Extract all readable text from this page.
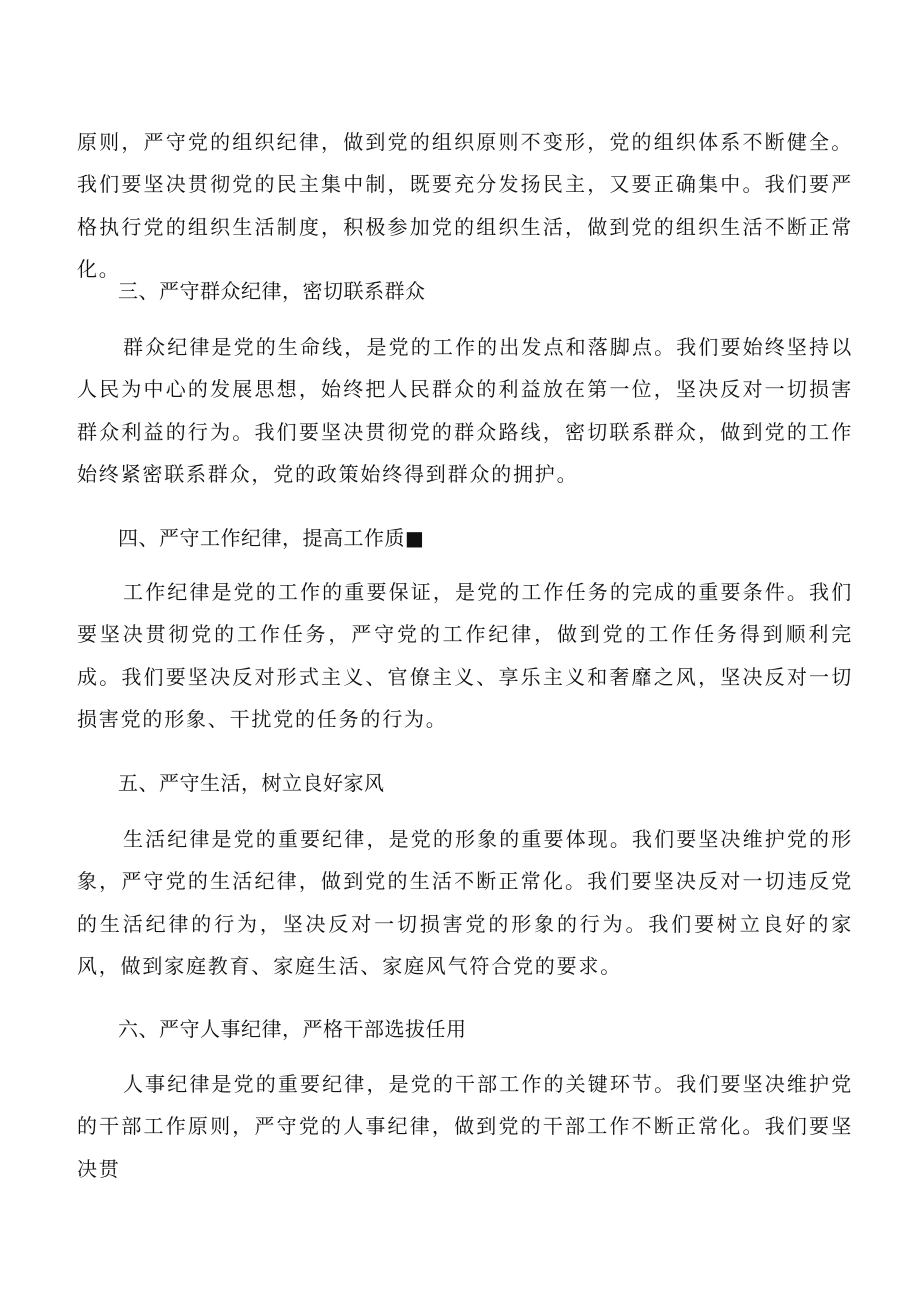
原则，严守党的组织纪律，做到党的组织原则不变形，党的组织体系不断健全。我们要坚决贯彻党的民主集中制，既要充分发扬民主，又要正确集中。我们要严格执行党的组织生活制度，积极参加党的组织生活，做到党的组织生活不断正常化。

三、严守群众纪律，密切联系群众

群众纪律是党的生命线，是党的工作的出发点和落脚点。我们要始终坚持以人民为中心的发展思想，始终把人民群众的利益放在第一位，坚决反对一切损害群众利益的行为。我们要坚决贯彻党的群众路线，密切联系群众，做到党的工作始终紧密联系群众，党的政策始终得到群众的拥护。

四、严守工作纪律，提高工作质■

工作纪律是党的工作的重要保证，是党的工作任务的完成的重要条件。我们要坚决贯彻党的工作任务，严守党的工作纪律，做到党的工作任务得到顺利完成。我们要坚决反对形式主义、官僚主义、享乐主义和奢靡之风，坚决反对一切损害党的形象、干扰党的任务的行为。

五、严守生活，树立良好家风

生活纪律是党的重要纪律，是党的形象的重要体现。我们要坚决维护党的形象，严守党的生活纪律，做到党的生活不断正常化。我们要坚决反对一切违反党的生活纪律的行为，坚决反对一切损害党的形象的行为。我们要树立良好的家风，做到家庭教育、家庭生活、家庭风气符合党的要求。

六、严守人事纪律，严格干部选拔任用

人事纪律是党的重要纪律，是党的干部工作的关键环节。我们要坚决维护党的干部工作原则，严守党的人事纪律，做到党的干部工作不断正常化。我们要坚决贯
